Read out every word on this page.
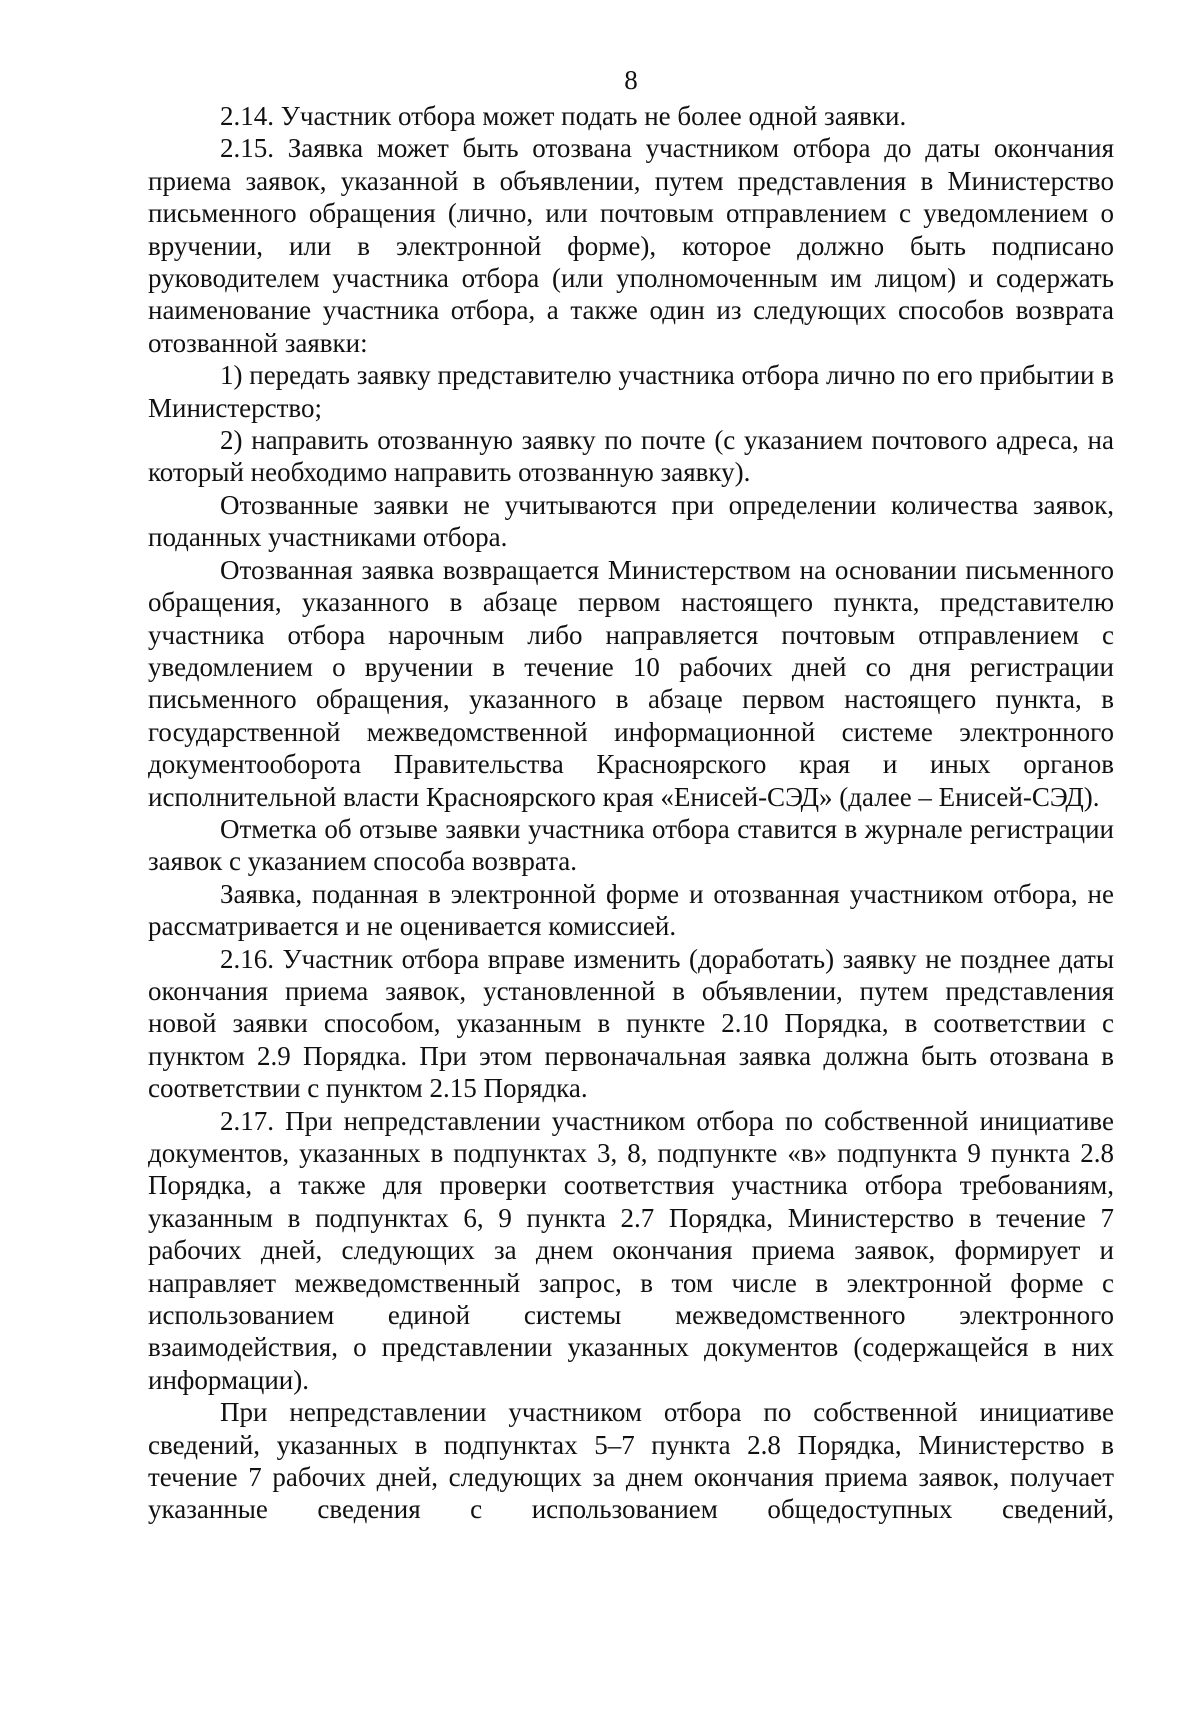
8

2.14. Участник отбора может подать не более одной заявки.

2.15. Заявка может быть отозвана участником отбора до даты окончания приема заявок, указанной в объявлении, путем представления в Министерство письменного обращения (лично, или почтовым отправлением с уведомлением о вручении, или в электронной форме), которое должно быть подписано руководителем участника отбора (или уполномоченным им лицом) и содержать наименование участника отбора, а также один из следующих способов возврата отозванной заявки:

1) передать заявку представителю участника отбора лично по его прибытии в Министерство;

2) направить отозванную заявку по почте (с указанием почтового адреса, на который необходимо направить отозванную заявку).

Отозванные заявки не учитываются при определении количества заявок, поданных участниками отбора.

Отозванная заявка возвращается Министерством на основании письменного обращения, указанного в абзаце первом настоящего пункта, представителю участника отбора нарочным либо направляется почтовым отправлением с уведомлением о вручении в течение 10 рабочих дней со дня регистрации письменного обращения, указанного в абзаце первом настоящего пункта, в государственной межведомственной информационной системе электронного документооборота Правительства Красноярского края и иных органов исполнительной власти Красноярского края «Енисей-СЭД» (далее – Енисей-СЭД).

Отметка об отзыве заявки участника отбора ставится в журнале регистрации заявок с указанием способа возврата.

Заявка, поданная в электронной форме и отозванная участником отбора, не рассматривается и не оценивается комиссией.

2.16. Участник отбора вправе изменить (доработать) заявку не позднее даты окончания приема заявок, установленной в объявлении, путем представления новой заявки способом, указанным в пункте 2.10 Порядка, в соответствии с пунктом 2.9 Порядка. При этом первоначальная заявка должна быть отозвана в соответствии с пунктом 2.15 Порядка.

2.17. При непредставлении участником отбора по собственной инициативе документов, указанных в подпунктах 3, 8, подпункте «в» подпункта 9 пункта 2.8 Порядка, а также для проверки соответствия участника отбора требованиям, указанным в подпунктах 6, 9 пункта 2.7 Порядка, Министерство в течение 7 рабочих дней, следующих за днем окончания приема заявок, формирует и направляет межведомственный запрос, в том числе в электронной форме с использованием единой системы межведомственного электронного взаимодействия, о представлении указанных документов (содержащейся в них информации).

При непредставлении участником отбора по собственной инициативе сведений, указанных в подпунктах 5–7 пункта 2.8 Порядка, Министерство в течение 7 рабочих дней, следующих за днем окончания приема заявок, получает указанные сведения с использованием общедоступных сведений,
